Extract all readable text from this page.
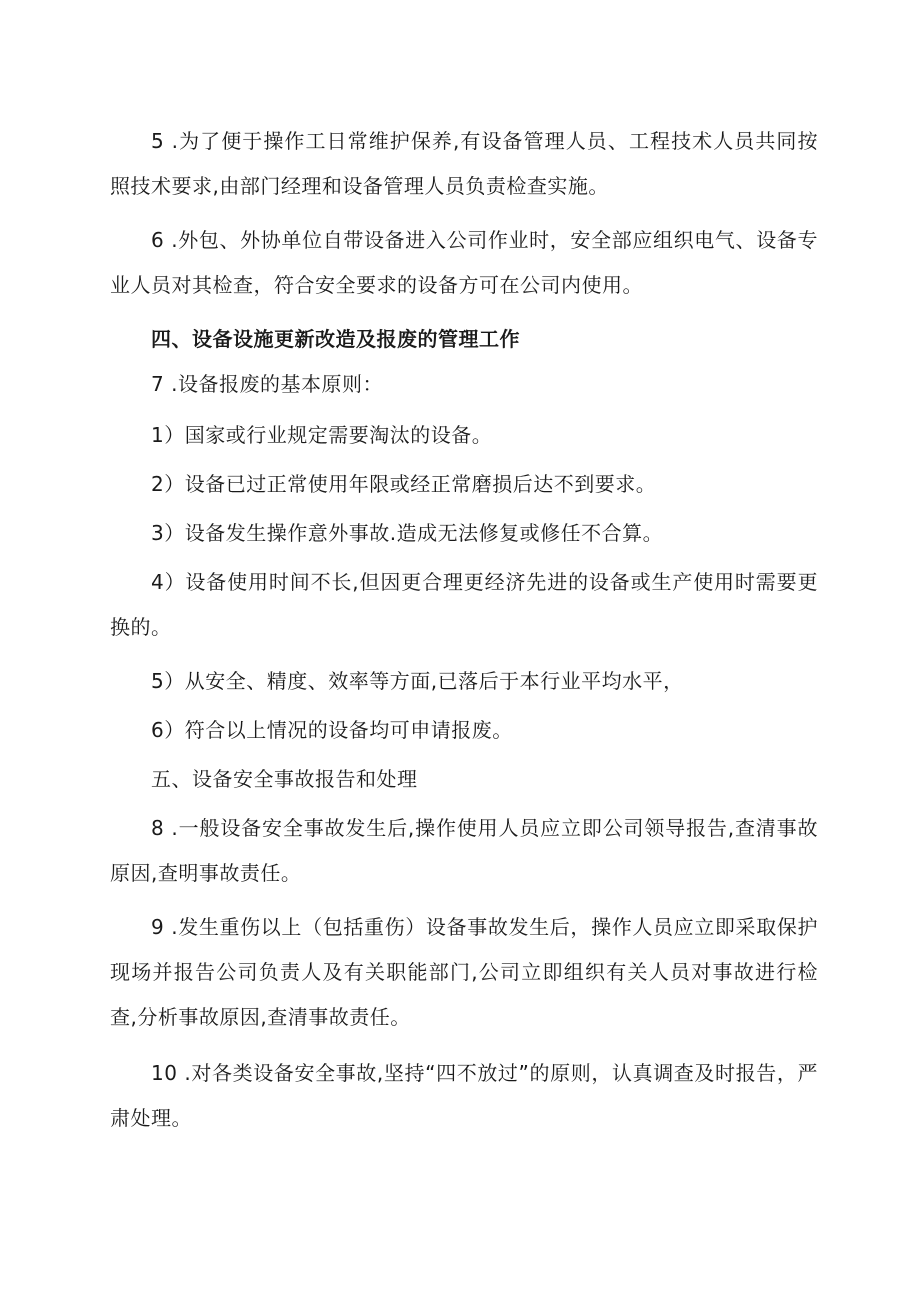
5 .为了便于操作工日常维护保养,有设备管理人员、工程技术人员共同按照技术要求,由部门经理和设备管理人员负责检查实施。

6 .外包、外协单位自带设备进入公司作业时，安全部应组织电气、设备专业人员对其检查，符合安全要求的设备方可在公司内使用。

四、设备设施更新改造及报废的管理工作

7 .设备报废的基本原则：

1）国家或行业规定需要淘汰的设备。

2）设备已过正常使用年限或经正常磨损后达不到要求。

3）设备发生操作意外事故.造成无法修复或修任不合算。

4）设备使用时间不长,但因更合理更经济先进的设备或生产使用时需要更换的。

5）从安全、精度、效率等方面,已落后于本行业平均水平，

6）符合以上情况的设备均可申请报废。

五、设备安全事故报告和处理

8 .一般设备安全事故发生后,操作使用人员应立即公司领导报告,查清事故原因,查明事故责任。

9 .发生重伤以上（包括重伤）设备事故发生后，操作人员应立即采取保护现场并报告公司负责人及有关职能部门,公司立即组织有关人员对事故进行检查,分析事故原因,查清事故责任。

10 .对各类设备安全事故,坚持“四不放过”的原则，认真调查及时报告，严肃处理。
